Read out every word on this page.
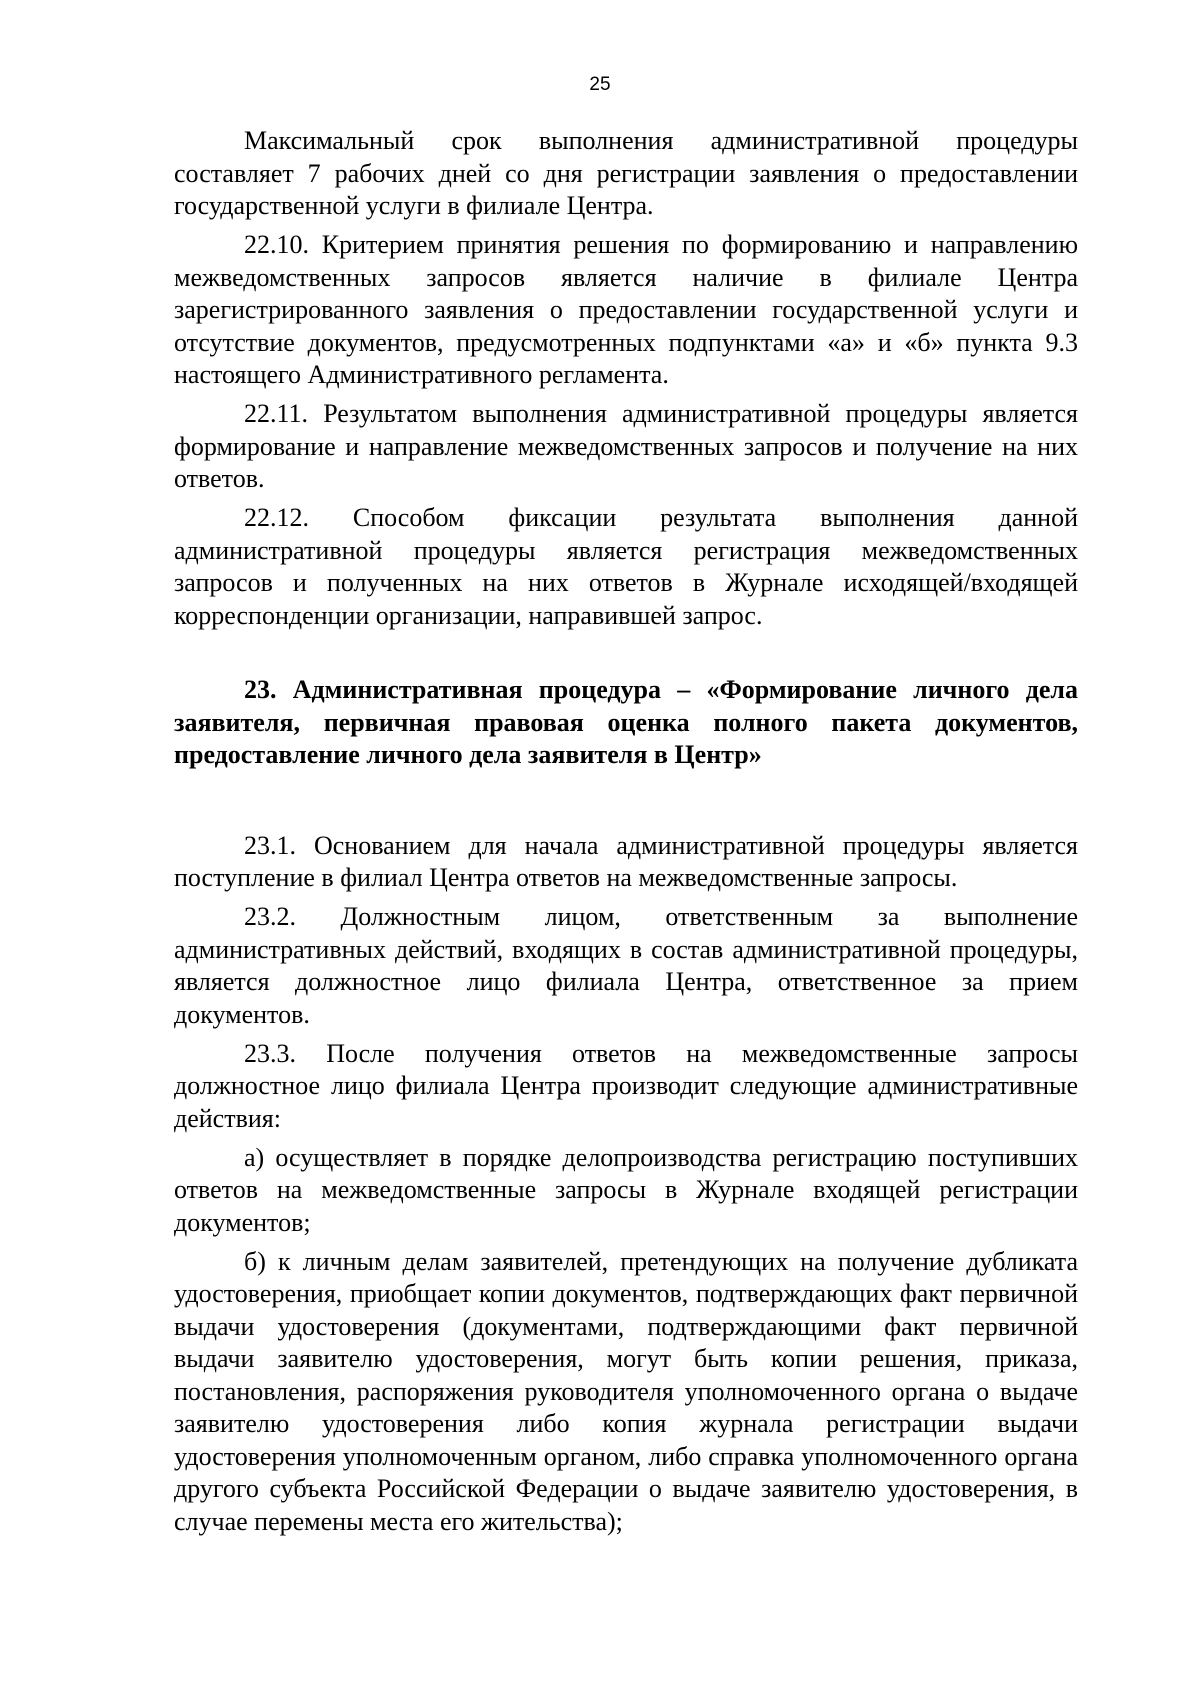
25

Максимальный срок выполнения административной процедуры составляет 7 рабочих дней со дня регистрации заявления о предоставлении государственной услуги в филиале Центра.

22.10. Критерием принятия решения по формированию и направлению межведомственных запросов является наличие в филиале Центра зарегистрированного заявления о предоставлении государственной услуги и отсутствие документов, предусмотренных подпунктами «а» и «б» пункта 9.3 настоящего Административного регламента.

22.11. Результатом выполнения административной процедуры является формирование и направление межведомственных запросов и получение на них ответов.

22.12. Способом фиксации результата выполнения данной административной процедуры является регистрация межведомственных запросов и полученных на них ответов в Журнале исходящей/входящей корреспонденции организации, направившей запрос.

23. Административная процедура – «Формирование личного дела заявителя, первичная правовая оценка полного пакета документов, предоставление личного дела заявителя в Центр»

23.1. Основанием для начала административной процедуры является поступление в филиал Центра ответов на межведомственные запросы.

23.2. Должностным лицом, ответственным за выполнение административных действий, входящих в состав административной процедуры, является должностное лицо филиала Центра, ответственное за прием документов.

23.3. После получения ответов на межведомственные запросы должностное лицо филиала Центра производит следующие административные действия:

а) осуществляет в порядке делопроизводства регистрацию поступивших ответов на межведомственные запросы в Журнале входящей регистрации документов;

б) к личным делам заявителей, претендующих на получение дубликата удостоверения, приобщает копии документов, подтверждающих факт первичной выдачи удостоверения (документами, подтверждающими факт первичной выдачи заявителю удостоверения, могут быть копии решения, приказа, постановления, распоряжения руководителя уполномоченного органа о выдаче заявителю удостоверения либо копия журнала регистрации выдачи удостоверения уполномоченным органом, либо справка уполномоченного органа другого субъекта Российской Федерации о выдаче заявителю удостоверения, в случае перемены места его жительства);
